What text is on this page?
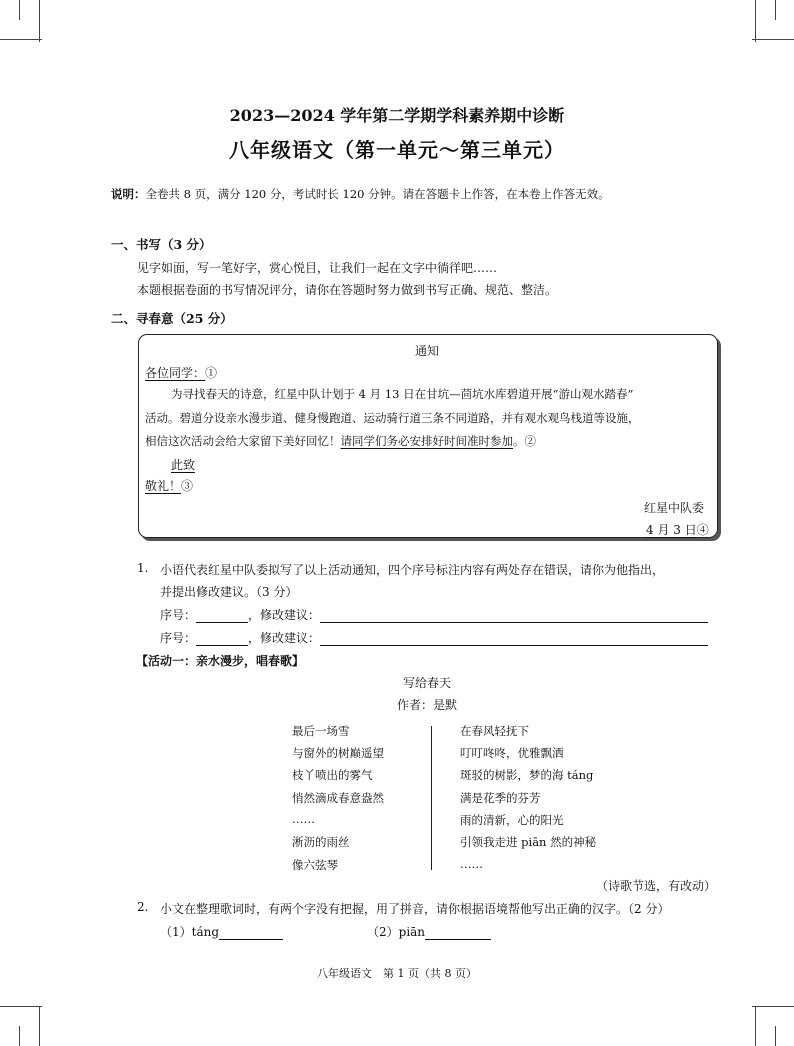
2023—2024 学年第二学期学科素养期中诊断
八年级语文（第一单元～第三单元）
说明：全卷共 8 页，满分 120 分，考试时长 120 分钟。请在答题卡上作答，在本卷上作答无效。
一、书写（3 分）
见字如面，写一笔好字，赏心悦目，让我们一起在文字中徜徉吧……
本题根据卷面的书写情况评分，请你在答题时努力做到书写正确、规范、整洁。
二、寻春意（25 分）
通知
各位同学：①
为寻找春天的诗意，红星中队计划于 4 月 13 日在甘坑—茴坑水库碧道开展“游山观水踏春”
活动。碧道分设亲水漫步道、健身慢跑道、运动骑行道三条不同道路，并有观水观鸟栈道等设施，
相信这次活动会给大家留下美好回忆！请同学们务必安排好时间准时参加。②
此致
敬礼！③
红星中队委
4 月 3 日④
1. 小语代表红星中队委拟写了以上活动通知，四个序号标注内容有两处存在错误，请你为他指出，
并提出修改建议。（3 分）
序号：	，修改建议：
序号：	，修改建议：
【活动一：亲水漫步，唱春歌】
写给春天
作者：是默
最后一场雪
与窗外的树巅遥望
枝丫喷出的雾气
悄然滴成春意盎然
……
淅沥的雨丝
像六弦琴
在春风轻抚下
叮叮咚咚，优雅飘洒
斑驳的树影，梦的海 táng
满是花季的芬芳
雨的清新，心的阳光
引领我走进 piān 然的神秘
……
（诗歌节选，有改动）
2. 小文在整理歌词时，有两个字没有把握，用了拼音，请你根据语境帮他写出正确的汉字。（2 分）
（1）táng	（2）piān
八年级语文　第 1 页（共 8 页）
